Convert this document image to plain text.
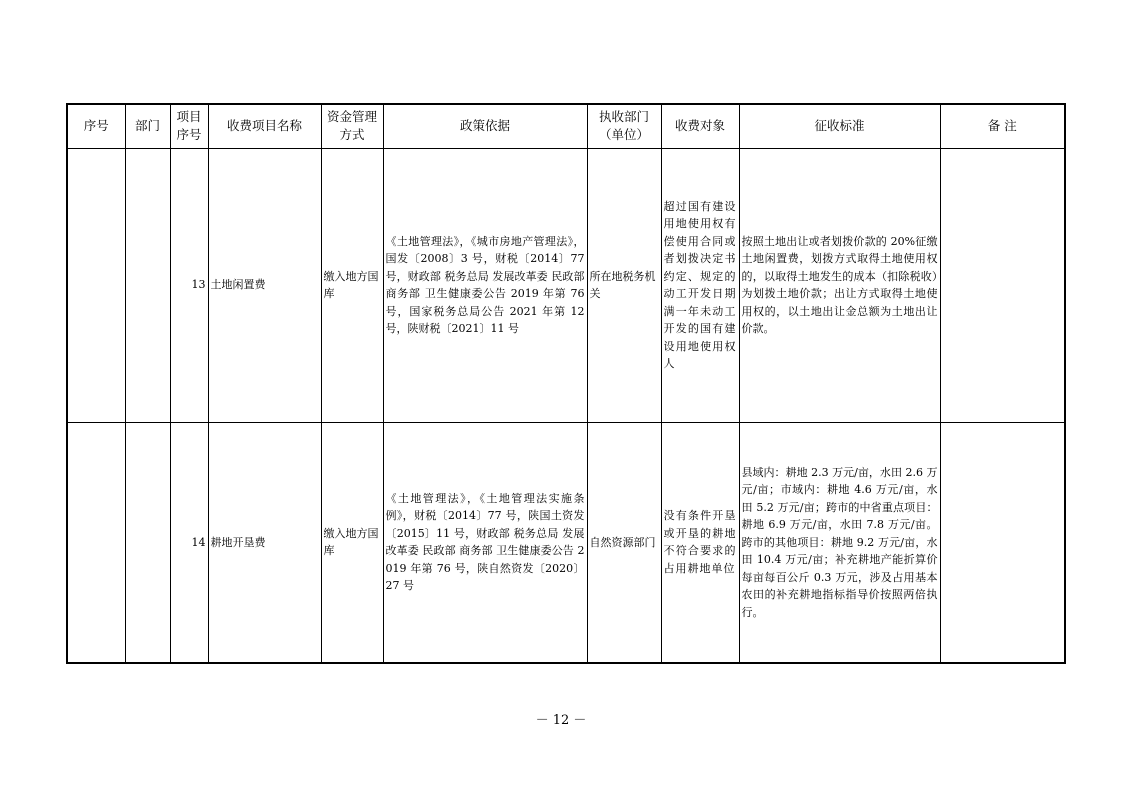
序号	部门	项目序号	收费项目名称	资金管理方式	政策依据	执收部门（单位）	收费对象	征收标准	备 注
		13	土地闲置费	缴入地方国库	《土地管理法》，《城市房地产管理法》，国发〔2008〕3 号，财税〔2014〕77 号，财政部 税务总局 发展改革委 民政部 商务部 卫生健康委公告 2019 年第 76 号，国家税务总局公告 2021 年第 12 号，陕财税〔2021〕11 号	所在地税务机关	超过国有建设用地使用权有偿使用合同或者划拨决定书约定、规定的动工开发日期满一年未动工开发的国有建设用地使用权人	按照土地出让或者划拨价款的 20%征缴土地闲置费，划拨方式取得土地使用权的，以取得土地发生的成本（扣除税收）为划拨土地价款；出让方式取得土地使用权的，以土地出让金总额为土地出让价款。	
		14	耕地开垦费	缴入地方国库	《土地管理法》，《土地管理法实施条例》，财税〔2014〕77 号，陕国土资发〔2015〕11 号，财政部 税务总局 发展改革委 民政部 商务部 卫生健康委公告 2019 年第 76 号，陕自然资发〔2020〕27 号	自然资源部门	没有条件开垦或开垦的耕地不符合要求的占用耕地单位	县域内：耕地 2.3 万元/亩，水田 2.6 万元/亩；市域内：耕地 4.6 万元/亩，水田 5.2 万元/亩；跨市的中省重点项目：耕地 6.9 万元/亩，水田 7.8 万元/亩。跨市的其他项目：耕地 9.2 万元/亩，水田 10.4 万元/亩；补充耕地产能折算价每亩每百公斤 0.3 万元，涉及占用基本农田的补充耕地指标指导价按照两倍执行。	
－ 12 －
